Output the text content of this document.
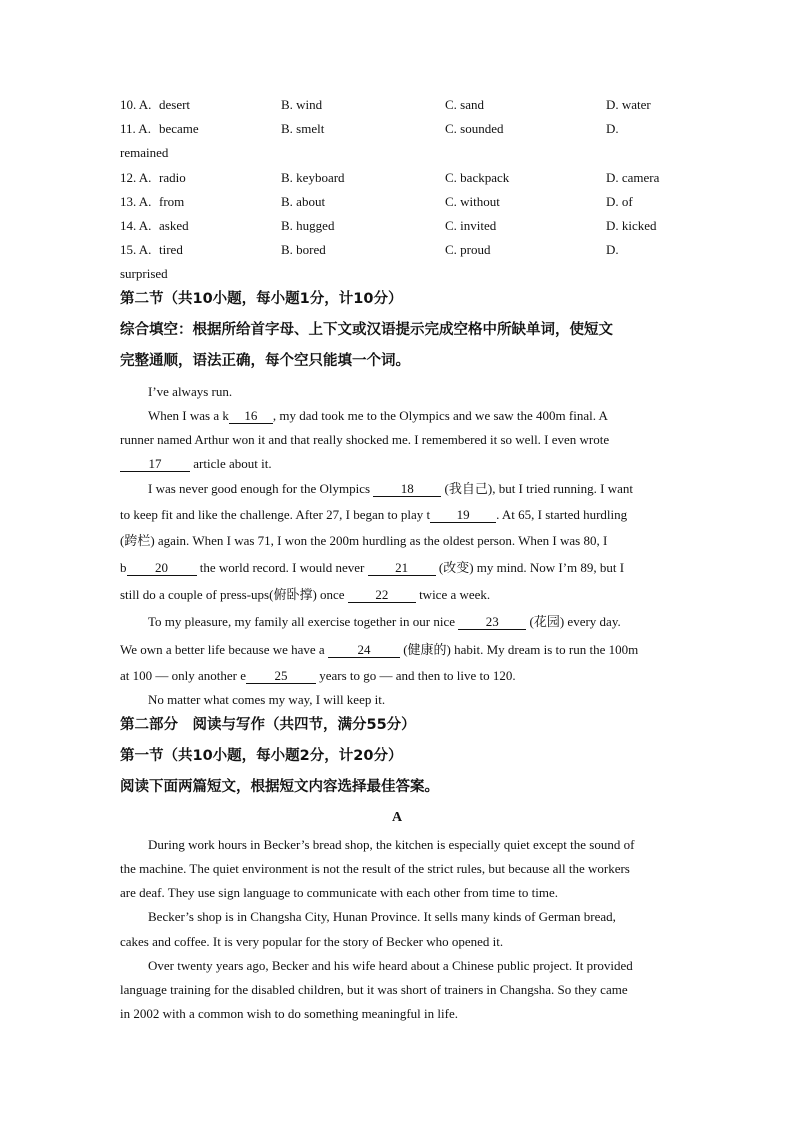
10. A. desert	B. wind	C. sand	D. water
11. A. became	B. smelt	C. sounded	D.
remained
12. A. radio	B. keyboard	C. backpack	D. camera
13. A. from	B. about	C. without	D. of
14. A. asked	B. hugged	C. invited	D. kicked
15. A. tired	B. bored	C. proud	D.
surprised
第二节（共10小题，每小题1分，计10分）
综合填空：根据所给首字母、上下文或汉语提示完成空格中所缺单词，使短文
完整通顺，语法正确，每个空只能填一个词。
I’ve always run.
When I was a k 16 , my dad took me to the Olympics and we saw the 400m final. A
runner named Arthur won it and that really shocked me. I remembered it so well. I even wrote
17 article about it.
I was never good enough for the Olympics 18 (我自己), but I tried running. I want
to keep fit and like the challenge. After 27, I began to play t 19 . At 65, I started hurdling
(跨栏) again. When I was 71, I won the 200m hurdling as the oldest person. When I was 80, I
b 20 the world record. I would never 21 (改变) my mind. Now I’m 89, but I
still do a couple of press-ups(俯卧撑) once 22 twice a week.
To my pleasure, my family all exercise together in our nice 23 (花园) every day.
We own a better life because we have a 24 (健康的) habit. My dream is to run the 100m
at 100 — only another e 25 years to go — and then to live to 120.
No matter what comes my way, I will keep it.
第二部分　阅读与写作（共四节，满分55分）
第一节（共10小题，每小题2分，计20分）
阅读下面两篇短文，根据短文内容选择最佳答案。
A
During work hours in Becker’s bread shop, the kitchen is especially quiet except the sound of
the machine. The quiet environment is not the result of the strict rules, but because all the workers
are deaf. They use sign language to communicate with each other from time to time.
Becker’s shop is in Changsha City, Hunan Province. It sells many kinds of German bread,
cakes and coffee. It is very popular for the story of Becker who opened it.
Over twenty years ago, Becker and his wife heard about a Chinese public project. It provided
language training for the disabled children, but it was short of trainers in Changsha. So they came
in 2002 with a common wish to do something meaningful in life.
